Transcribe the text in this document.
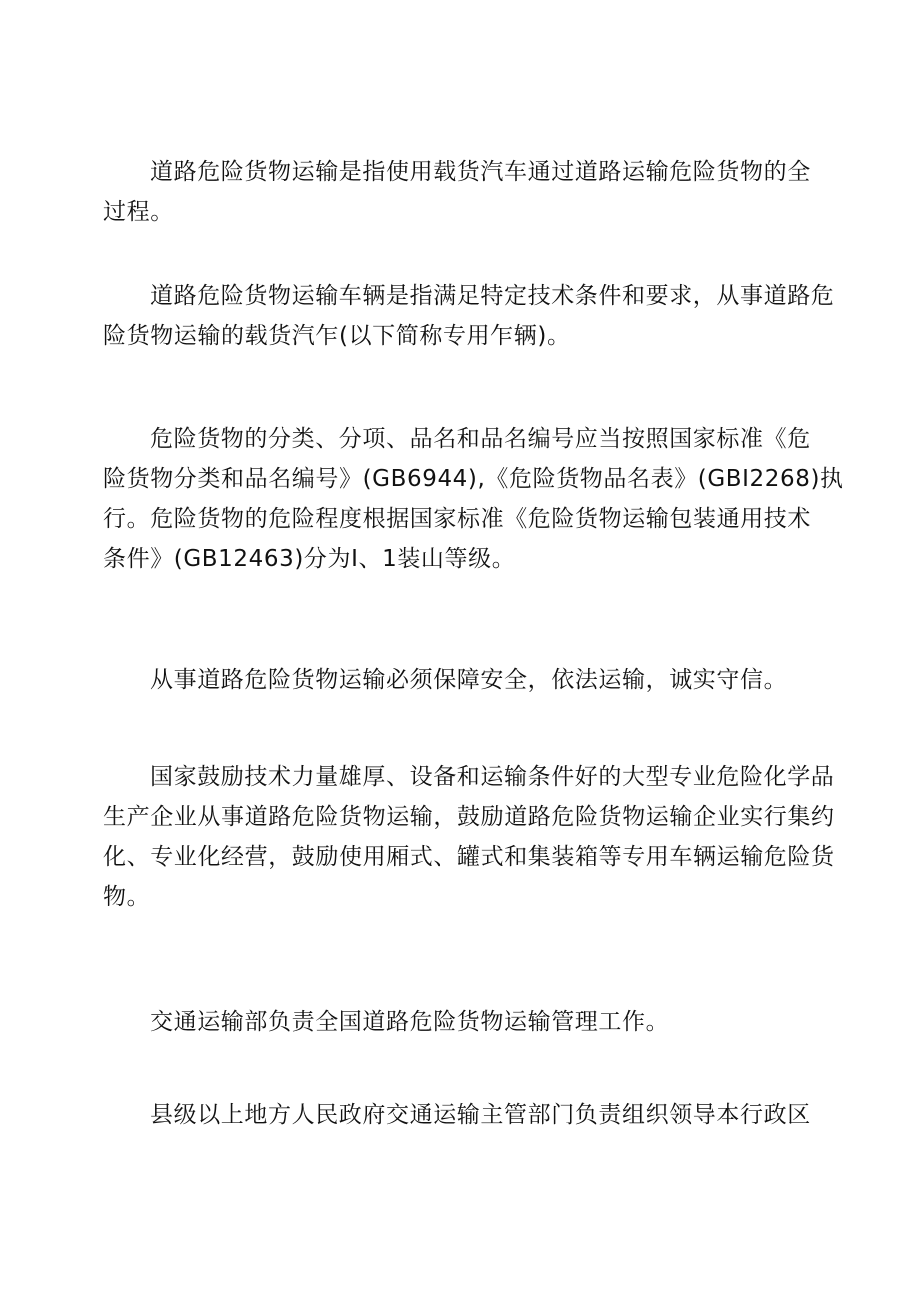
道路危险货物运输是指使用载货汽车通过道路运输危险货物的全
过程。

道路危险货物运输车辆是指满足特定技术条件和要求，从事道路危
险货物运输的载货汽乍(以下简称专用乍辆)。

危险货物的分类、分项、品名和品名编号应当按照国家标准《危
险货物分类和品名编号》(GB6944),《危险货物品名表》(GBI2268)执
行。危险货物的危险程度根据国家标准《危险货物运输包装通用技术
条件》(GB12463)分为I、1装山等级。

从事道路危险货物运输必须保障安全，依法运输，诚实守信。

国家鼓励技术力量雄厚、设备和运输条件好的大型专业危险化学品
生产企业从事道路危险货物运输，鼓励道路危险货物运输企业实行集约
化、专业化经营，鼓励使用厢式、罐式和集装箱等专用车辆运输危险货
物。

交通运输部负责全国道路危险货物运输管理工作。

县级以上地方人民政府交通运输主管部门负责组织领导本行政区
